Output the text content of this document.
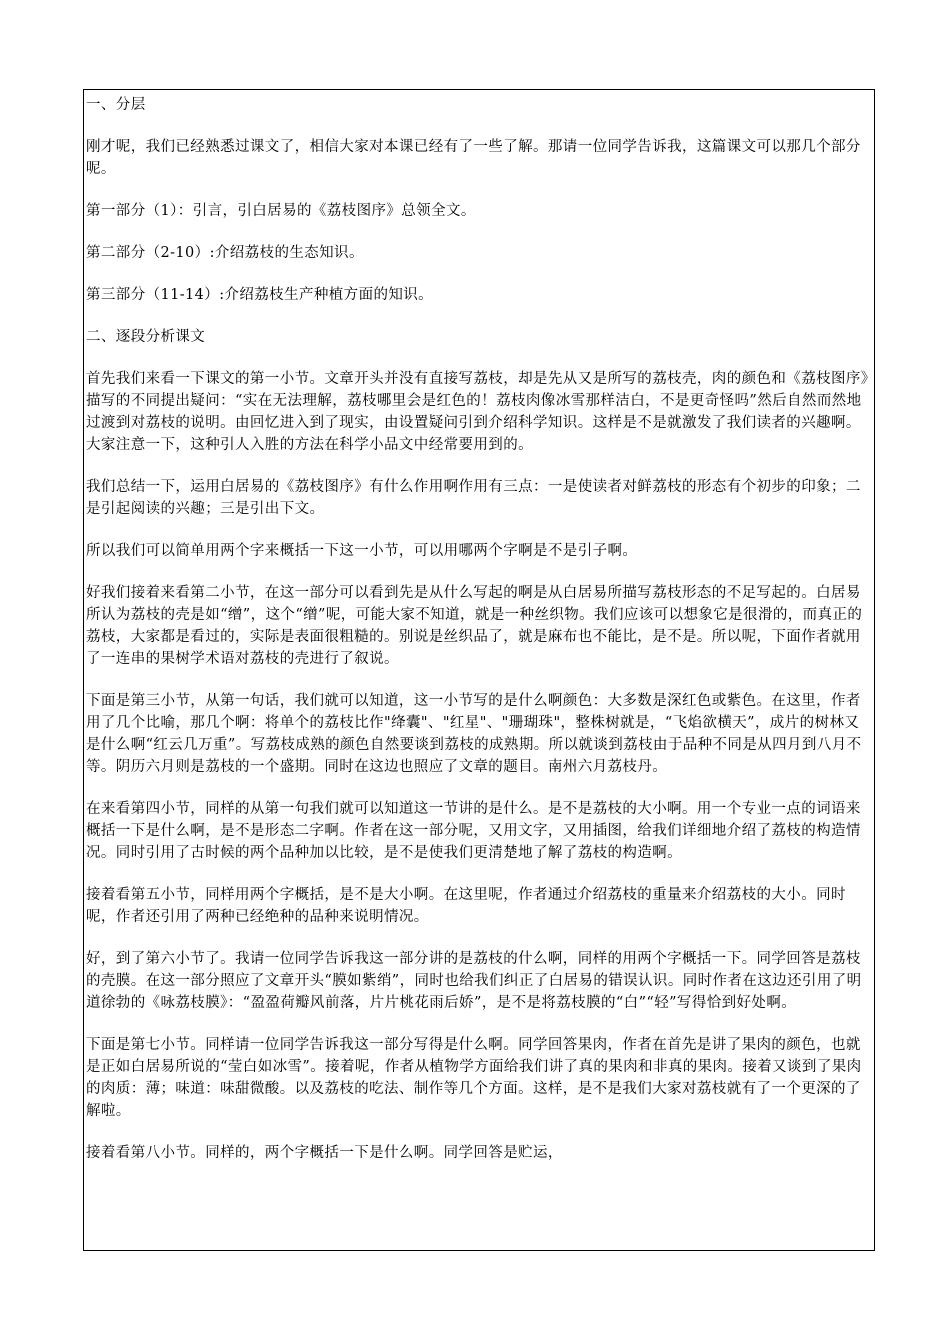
一、分层

刚才呢，我们已经熟悉过课文了，相信大家对本课已经有了一些了解。那请一位同学告诉我，这篇课文可以那几个部分呢。

第一部分（1）：引言，引白居易的《荔枝图序》总领全文。

第二部分（2-10）:介绍荔枝的生态知识。

第三部分（11-14）:介绍荔枝生产种植方面的知识。

二、逐段分析课文

首先我们来看一下课文的第一小节。文章开头并没有直接写荔枝，却是先从又是所写的荔枝壳，肉的颜色和《荔枝图序》描写的不同提出疑问：“实在无法理解，荔枝哪里会是红色的！荔枝肉像冰雪那样洁白，不是更奇怪吗”然后自然而然地过渡到对荔枝的说明。由回忆进入到了现实，由设置疑问引到介绍科学知识。这样是不是就激发了我们读者的兴趣啊。大家注意一下，这种引人入胜的方法在科学小品文中经常要用到的。

我们总结一下，运用白居易的《荔枝图序》有什么作用啊作用有三点：一是使读者对鲜荔枝的形态有个初步的印象；二是引起阅读的兴趣；三是引出下文。

所以我们可以简单用两个字来概括一下这一小节，可以用哪两个字啊是不是引子啊。

好我们接着来看第二小节，在这一部分可以看到先是从什么写起的啊是从白居易所描写荔枝形态的不足写起的。白居易所认为荔枝的壳是如“缯”，这个“缯”呢，可能大家不知道，就是一种丝织物。我们应该可以想象它是很滑的，而真正的荔枝，大家都是看过的，实际是表面很粗糙的。别说是丝织品了，就是麻布也不能比，是不是。所以呢，下面作者就用了一连串的果树学术语对荔枝的壳进行了叙说。

下面是第三小节，从第一句话，我们就可以知道，这一小节写的是什么啊颜色：大多数是深红色或紫色。在这里，作者用了几个比喻，那几个啊：将单个的荔枝比作"绛囊"、"红星"、"珊瑚珠"，整株树就是，“飞焰欲横天”，成片的树林又是什么啊“红云几万重”。写荔枝成熟的颜色自然要谈到荔枝的成熟期。所以就谈到荔枝由于品种不同是从四月到八月不等。阴历六月则是荔枝的一个盛期。同时在这边也照应了文章的题目。南州六月荔枝丹。

在来看第四小节，同样的从第一句我们就可以知道这一节讲的是什么。是不是荔枝的大小啊。用一个专业一点的词语来概括一下是什么啊，是不是形态二字啊。作者在这一部分呢，又用文字，又用插图，给我们详细地介绍了荔枝的构造情况。同时引用了古时候的两个品种加以比较，是不是使我们更清楚地了解了荔枝的构造啊。

接着看第五小节，同样用两个字概括，是不是大小啊。在这里呢，作者通过介绍荔枝的重量来介绍荔枝的大小。同时呢，作者还引用了两种已经绝种的品种来说明情况。

好，到了第六小节了。我请一位同学告诉我这一部分讲的是荔枝的什么啊，同样的用两个字概括一下。同学回答是荔枝的壳膜。在这一部分照应了文章开头“膜如紫绡”，同时也给我们纠正了白居易的错误认识。同时作者在这边还引用了明道徐勃的《咏荔枝膜》：“盈盈荷瓣风前落，片片桃花雨后娇”，是不是将荔枝膜的“白”“轻”写得恰到好处啊。

下面是第七小节。同样请一位同学告诉我这一部分写得是什么啊。同学回答果肉，作者在首先是讲了果肉的颜色，也就是正如白居易所说的“莹白如冰雪”。接着呢，作者从植物学方面给我们讲了真的果肉和非真的果肉。接着又谈到了果肉的肉质：薄；味道：味甜微酸。以及荔枝的吃法、制作等几个方面。这样，是不是我们大家对荔枝就有了一个更深的了解啦。

接着看第八小节。同样的，两个字概括一下是什么啊。同学回答是贮运，
